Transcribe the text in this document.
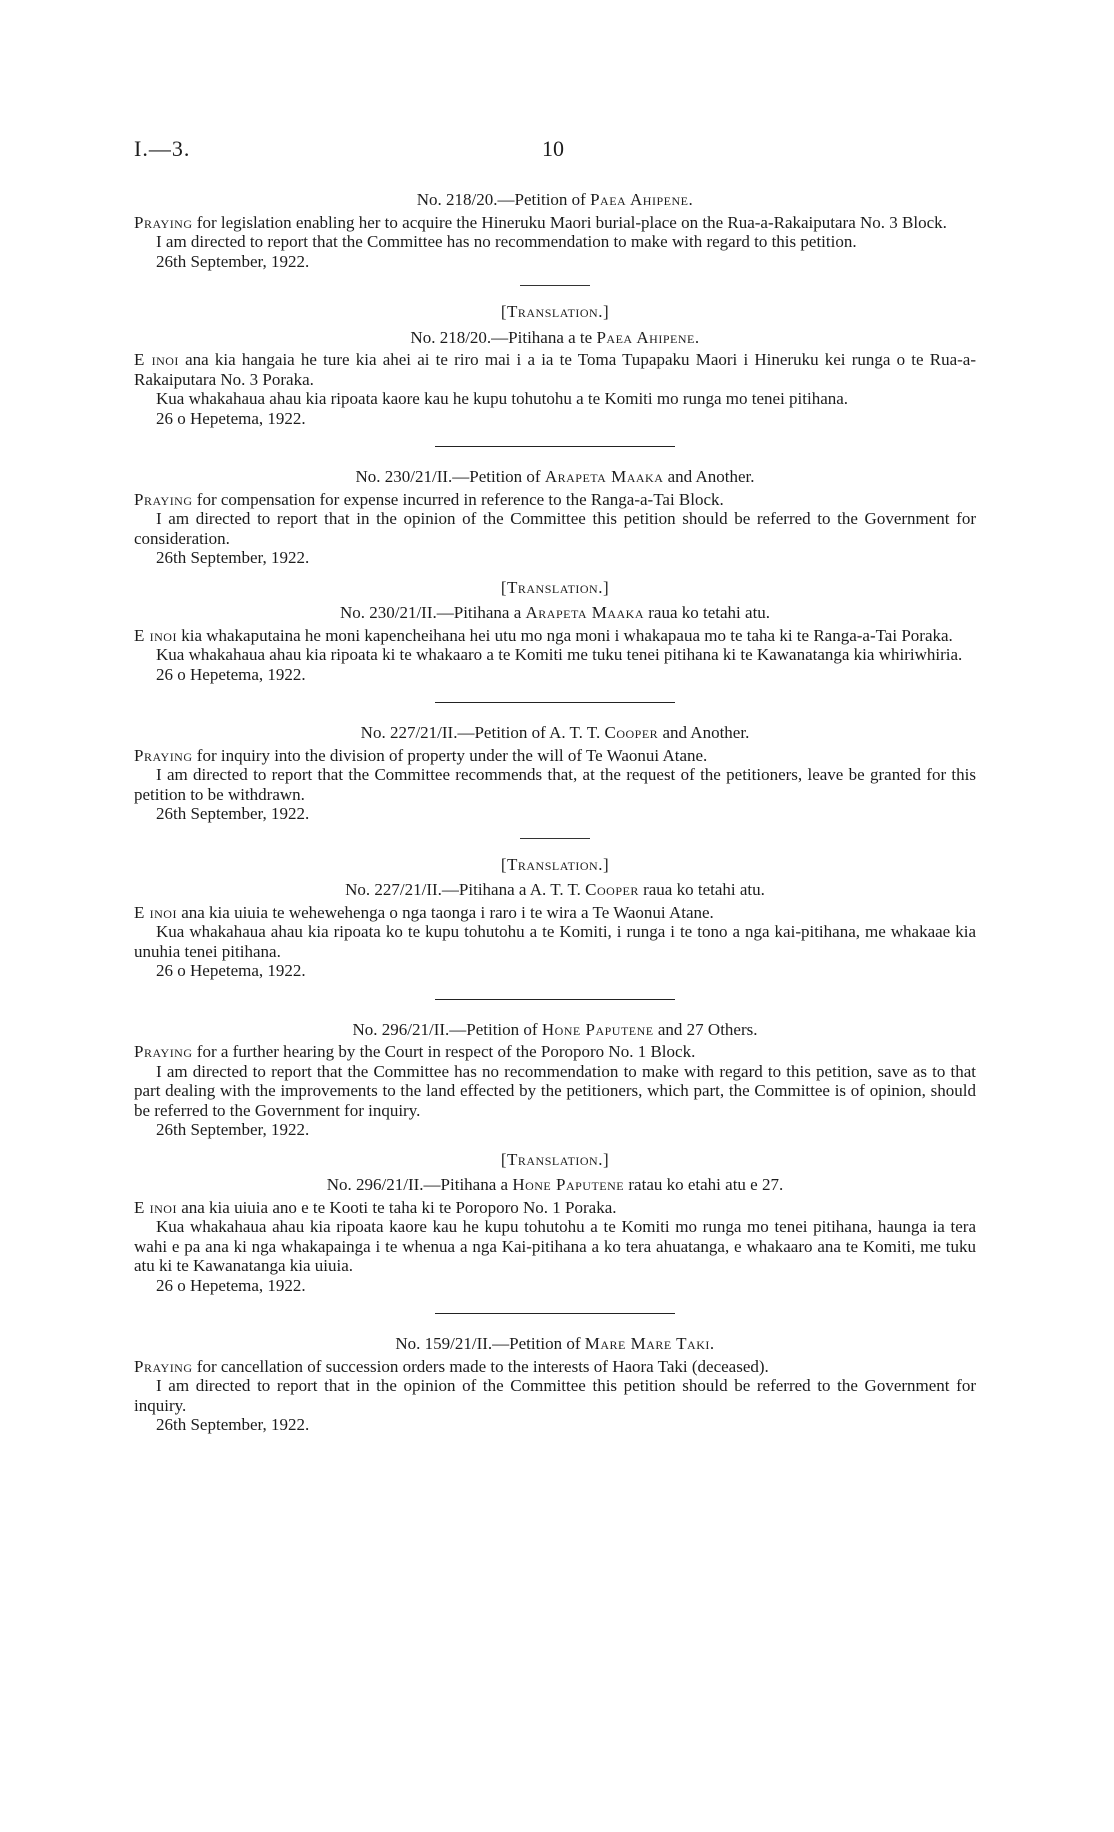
I.—3.	10
No. 218/20.—Petition of Paea Ahipene.

Praying for legislation enabling her to acquire the Hineruku Maori burial-place on the Rua-a-Rakaiputara No. 3 Block.

I am directed to report that the Committee has no recommendation to make with regard to this petition.

26th September, 1922.

[Translation.]
No. 218/20.—Pitihana a te Paea Ahipene.

E inoi ana kia hangaia he ture kia ahei ai te riro mai i a ia te Toma Tupapaku Maori i Hineruku kei runga o te Rua-a-Rakaiputara No. 3 Poraka.

Kua whakahaua ahau kia ripoata kaore kau he kupu tohutohu a te Komiti mo runga mo tenei pitihana.

26 o Hepetema, 1922.

No. 230/21/II.—Petition of Arapeta Maaka and Another.

Praying for compensation for expense incurred in reference to the Ranga-a-Tai Block.

I am directed to report that in the opinion of the Committee this petition should be referred to the Government for consideration.

26th September, 1922.

[Translation.]
No. 230/21/II.—Pitihana a Arapeta Maaka raua ko tetahi atu.

E inoi kia whakaputaina he moni kapencheihana hei utu mo nga moni i whakapaua mo te taha ki te Ranga-a-Tai Poraka.

Kua whakahaua ahau kia ripoata ki te whakaaro a te Komiti me tuku tenei pitihana ki te Kawanatanga kia whiriwhiria.

26 o Hepetema, 1922.

No. 227/21/II.—Petition of A. T. T. Cooper and Another.

Praying for inquiry into the division of property under the will of Te Waonui Atane.

I am directed to report that the Committee recommends that, at the request of the petitioners, leave be granted for this petition to be withdrawn.

26th September, 1922.

[Translation.]
No. 227/21/II.—Pitihana a A. T. T. Cooper raua ko tetahi atu.

E inoi ana kia uiuia te wehewehenga o nga taonga i raro i te wira a Te Waonui Atane.

Kua whakahaua ahau kia ripoata ko te kupu tohutohu a te Komiti, i runga i te tono a nga kai-pitihana, me whakaae kia unuhia tenei pitihana.

26 o Hepetema, 1922.

No. 296/21/II.—Petition of Hone Paputene and 27 Others.

Praying for a further hearing by the Court in respect of the Poroporo No. 1 Block.

I am directed to report that the Committee has no recommendation to make with regard to this petition, save as to that part dealing with the improvements to the land effected by the petitioners, which part, the Committee is of opinion, should be referred to the Government for inquiry.

26th September, 1922.

[Translation.]
No. 296/21/II.—Pitihana a Hone Paputene ratau ko etahi atu e 27.

E inoi ana kia uiuia ano e te Kooti te taha ki te Poroporo No. 1 Poraka.

Kua whakahaua ahau kia ripoata kaore kau he kupu tohutohu a te Komiti mo runga mo tenei pitihana, haunga ia tera wahi e pa ana ki nga whakapainga i te whenua a nga Kai-pitihana a ko tera ahuatanga, e whakaaro ana te Komiti, me tuku atu ki te Kawanatanga kia uiuia.

26 o Hepetema, 1922.

No. 159/21/II.—Petition of Mare Mare Taki.

Praying for cancellation of succession orders made to the interests of Haora Taki (deceased).

I am directed to report that in the opinion of the Committee this petition should be referred to the Government for inquiry.

26th September, 1922.
